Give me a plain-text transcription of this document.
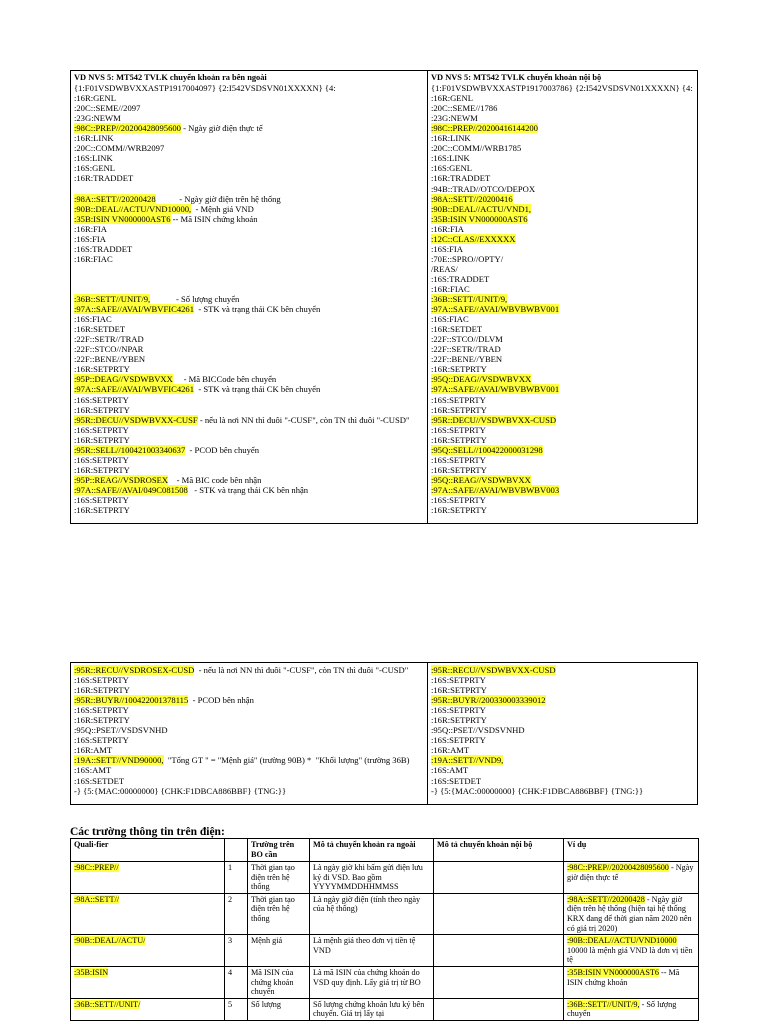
VD NVS 5: MT542 TVLK chuyển khoản ra bên ngoài
{1:F01VSDWBVXXASTP1917004097} {2:I542VSDSVN01XXXXN} {4:
:16R:GENL
:20C::SEME//2097
:23G:NEWM
:98C::PREP//20200428095600 - Ngày giờ điện thực tế
:16R:LINK
:20C::COMM//WRB2097
:16S:LINK
:16S:GENL
:16R:TRADDET
:98A::SETT//20200428           - Ngày giờ điện trên hệ thống
:90B::DEAL//ACTU/VND10000,  - Mệnh giá VND
:35B:ISIN VN000000AST6 -- Mã ISIN chứng khoán
:16R:FIA
:16S:FIA
:16S:TRADDET
:16R:FIAC
:36B::SETT//UNIT/9,            - Số lượng chuyển
:97A::SAFE//AVAI/WBVFIC4261  - STK và trạng thái CK bên chuyển
:16S:FIAC
:16R:SETDET
:22F::SETR//TRAD
:22F::STCO//NPAR
:22F::BENE//YBEN
:16R:SETPRTY
:95P::DEAG//VSDWBVXX     - Mã BICCode bên chuyển
:97A::SAFE//AVAI/WBVFIC4261  - STK và trạng thái CK bên chuyển
:16S:SETPRTY
:16R:SETPRTY
:95R::DECU//VSDWBVXX-CUSF - nếu là nơi NN thì đuôi "-CUSF", còn TN thì đuôi "-CUSD"
:16S:SETPRTY
:16R:SETPRTY
:95R::SELL//100421003340637  - PCOD bên chuyển
:16S:SETPRTY
:16R:SETPRTY
:95P::REAG//VSDROSEX    - Mã BIC code bên nhận
:97A::SAFE//AVAI/049C081508   - STK và trạng thái CK bên nhận
:16S:SETPRTY
:16R:SETPRTY
VD NVS 5: MT542 TVLK chuyển khoản nội bộ
{1:F01VSDWBVXXASTP1917003786} {2:I542VSDSVN01XXXXN} {4:
:16R:GENL
:20C::SEME//1786
:23G:NEWM
:98C::PREP//20200416144200
:16R:LINK
:20C::COMM//WRB1785
:16S:LINK
:16S:GENL
:16R:TRADDET
:94B::TRAD//OTCO/DEPOX
:98A::SETT//20200416
:90B::DEAL//ACTU/VND1,
:35B:ISIN VN000000AST6
:16R:FIA
:12C::CLAS//EXXXXX
:16S:FIA
:70E::SPRO//OPTY/
/REAS/
:16S:TRADDET
:16R:FIAC
:36B::SETT//UNIT/9,
:97A::SAFE//AVAI/WBVBWBV001
:16S:FIAC
:16R:SETDET
:22F::STCO//DLVM
:22F::SETR//TRAD
:22F::BENE//YBEN
:16R:SETPRTY
:95Q::DEAG//VSDWBVXX
:97A::SAFE//AVAI/WBVBWBV001
:16S:SETPRTY
:16R:SETPRTY
:95R::DECU//VSDWBVXX-CUSD
:16S:SETPRTY
:16R:SETPRTY
:95Q::SELL//100422000031298
:16S:SETPRTY
:16R:SETPRTY
:95Q::REAG//VSDWBVXX
:97A::SAFE//AVAI/WBVBWBV003
:16S:SETPRTY
:16R:SETPRTY
:95R::RECU//VSDROSEX-CUSD  - nếu là nơi NN thì đuôi "-CUSF", còn TN thì đuôi "-CUSD"
:16S:SETPRTY
:16R:SETPRTY
:95R::BUYR//100422001378115  - PCOD bên nhận
:16S:SETPRTY
:16R:SETPRTY
:95Q::PSET//VSDSVNHD
:16S:SETPRTY
:16R:AMT
:19A::SETT//VND90000,  "Tổng GT " = "Mệnh giá" (trường 90B) *  "Khối lượng" (trường 36B)
:16S:AMT
:16S:SETDET
-} {5:{MAC:00000000} {CHK:F1DBCA886BBF} {TNG:}}
:95R::RECU//VSDWBVXX-CUSD
:16S:SETPRTY
:16R:SETPRTY
:95R::BUYR//200330003339012
:16S:SETPRTY
:16R:SETPRTY
:95Q::PSET//VSDSVNHD
:16S:SETPRTY
:16R:AMT
:19A::SETT//VND9,
:16S:AMT
:16S:SETDET
-} {5:{MAC:00000000} {CHK:F1DBCA886BBF} {TNG:}}
Các trường thông tin trên điện:
Quali-fier		Trường trên BO cần	Mô tả chuyển khoản ra ngoài	Mô tả chuyển khoản nội bộ	Ví dụ
:98C::PREP//	1	Thời gian tạo điện trên hệ thống	Là ngày giờ khi bấm gửi điện lưu ký đi VSD. Bao gồm YYYYMMDDHHMMSS		:98C::PREP//20200428095600 - Ngày giờ điện thực tế
:98A::SETT//	2	Thời gian tạo điện trên hệ thống	Là ngày giờ điện (tính theo ngày của hệ thống)		:98A::SETT//20200428 - Ngày giờ điện trên hệ thống (hiện tại hệ thống KRX đang để thời gian năm 2020 nên có giá trị 2020)
:90B::DEAL//ACTU/	3	Mệnh giá	Là mệnh giá theo đơn vị tiền tệ VND		:90B::DEAL//ACTU/VND10000 10000 là mệnh giá VND là đơn vị tiền tệ
:35B:ISIN	4	Mã ISIN của chứng khoán chuyển	Là mã ISIN của chứng khoán do VSD quy định. Lấy giá trị từ BO		:35B:ISIN VN000000AST6 -- Mã ISIN chứng khoán
:36B::SETT//UNIT/	5	Số lượng	Số lượng chứng khoán lưu ký bên chuyển. Giá trị lấy tại		:36B::SETT//UNIT/9, - Số lượng chuyển
